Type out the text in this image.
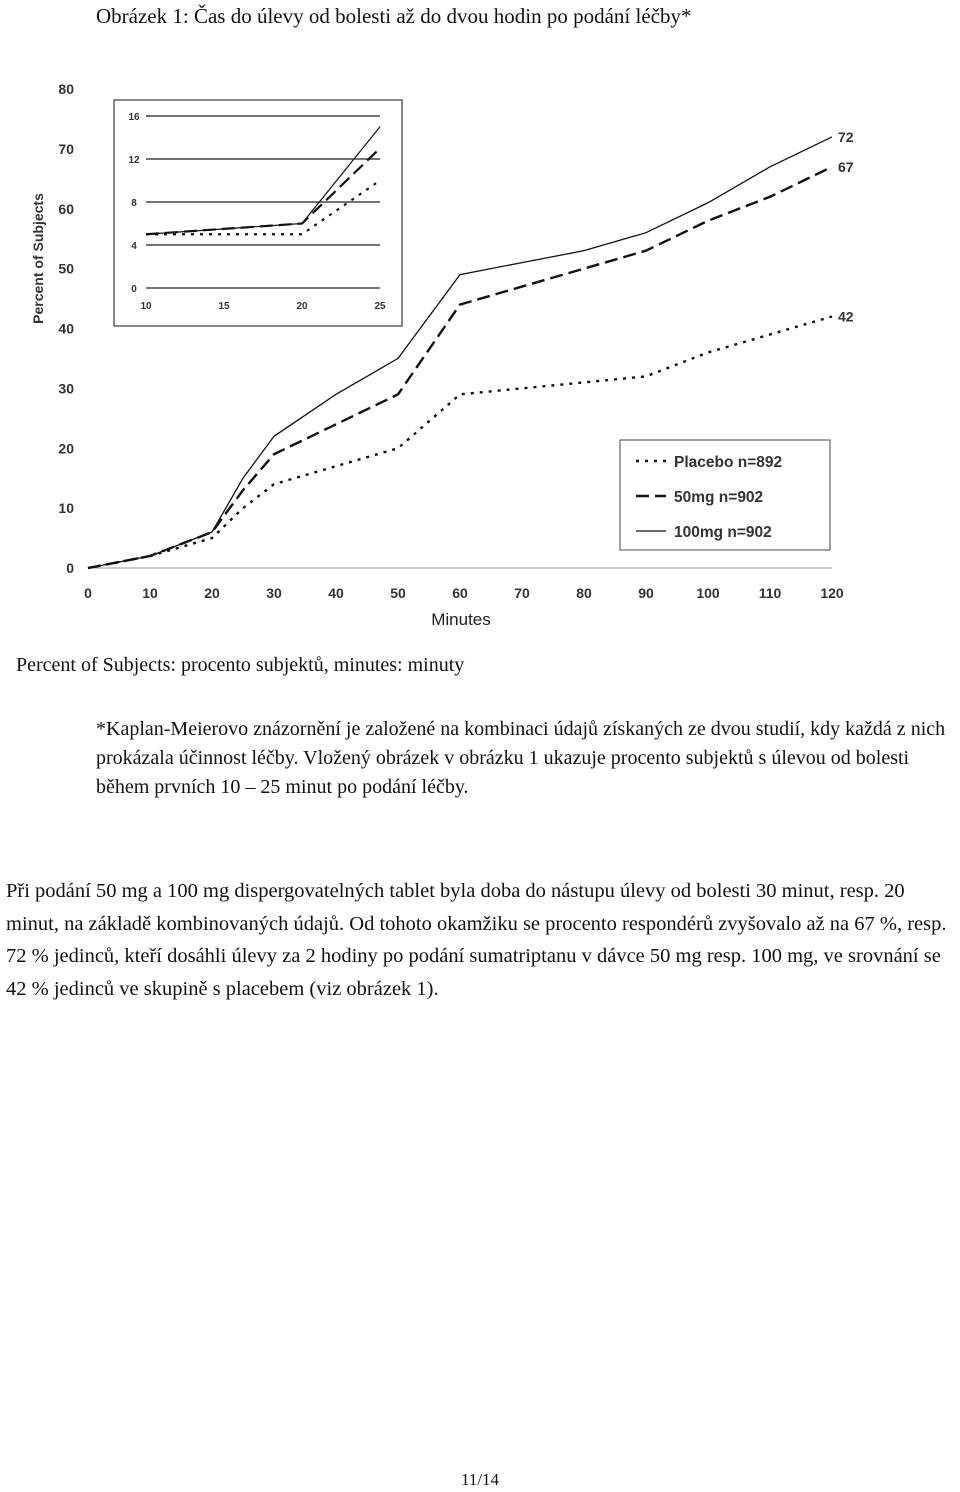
Obrázek 1: Čas do úlevy od bolesti až do dvou hodin po podání léčby*
0	10	20	30	40	50	60	70	80	90	100	110	120
0
10
20
30
40
50
60
70
80
Minutes
Percent of Subjects
72
67
42
0
4
8
12
16
10	15	20	25
Placebo n=892
50mg n=902
100mg n=902
Percent of Subjects: procento subjektů, minutes: minuty

*Kaplan-Meierovo znázornění je založené na kombinaci údajů získaných ze dvou studií, kdy každá z nich prokázala účinnost léčby. Vložený obrázek v obrázku 1 ukazuje procento subjektů s úlevou od bolesti během prvních 10 – 25 minut po podání léčby.

Při podání 50 mg a 100 mg dispergovatelných tablet byla doba do nástupu úlevy od bolesti 30 minut, resp. 20 minut, na základě kombinovaných údajů. Od tohoto okamžiku se procento respondérů zvyšovalo až na 67 %, resp. 72 % jedinců, kteří dosáhli úlevy za 2 hodiny po podání sumatriptanu v dávce 50 mg resp. 100 mg, ve srovnání se 42 % jedinců ve skupině s placebem (viz obrázek 1).

11/14
